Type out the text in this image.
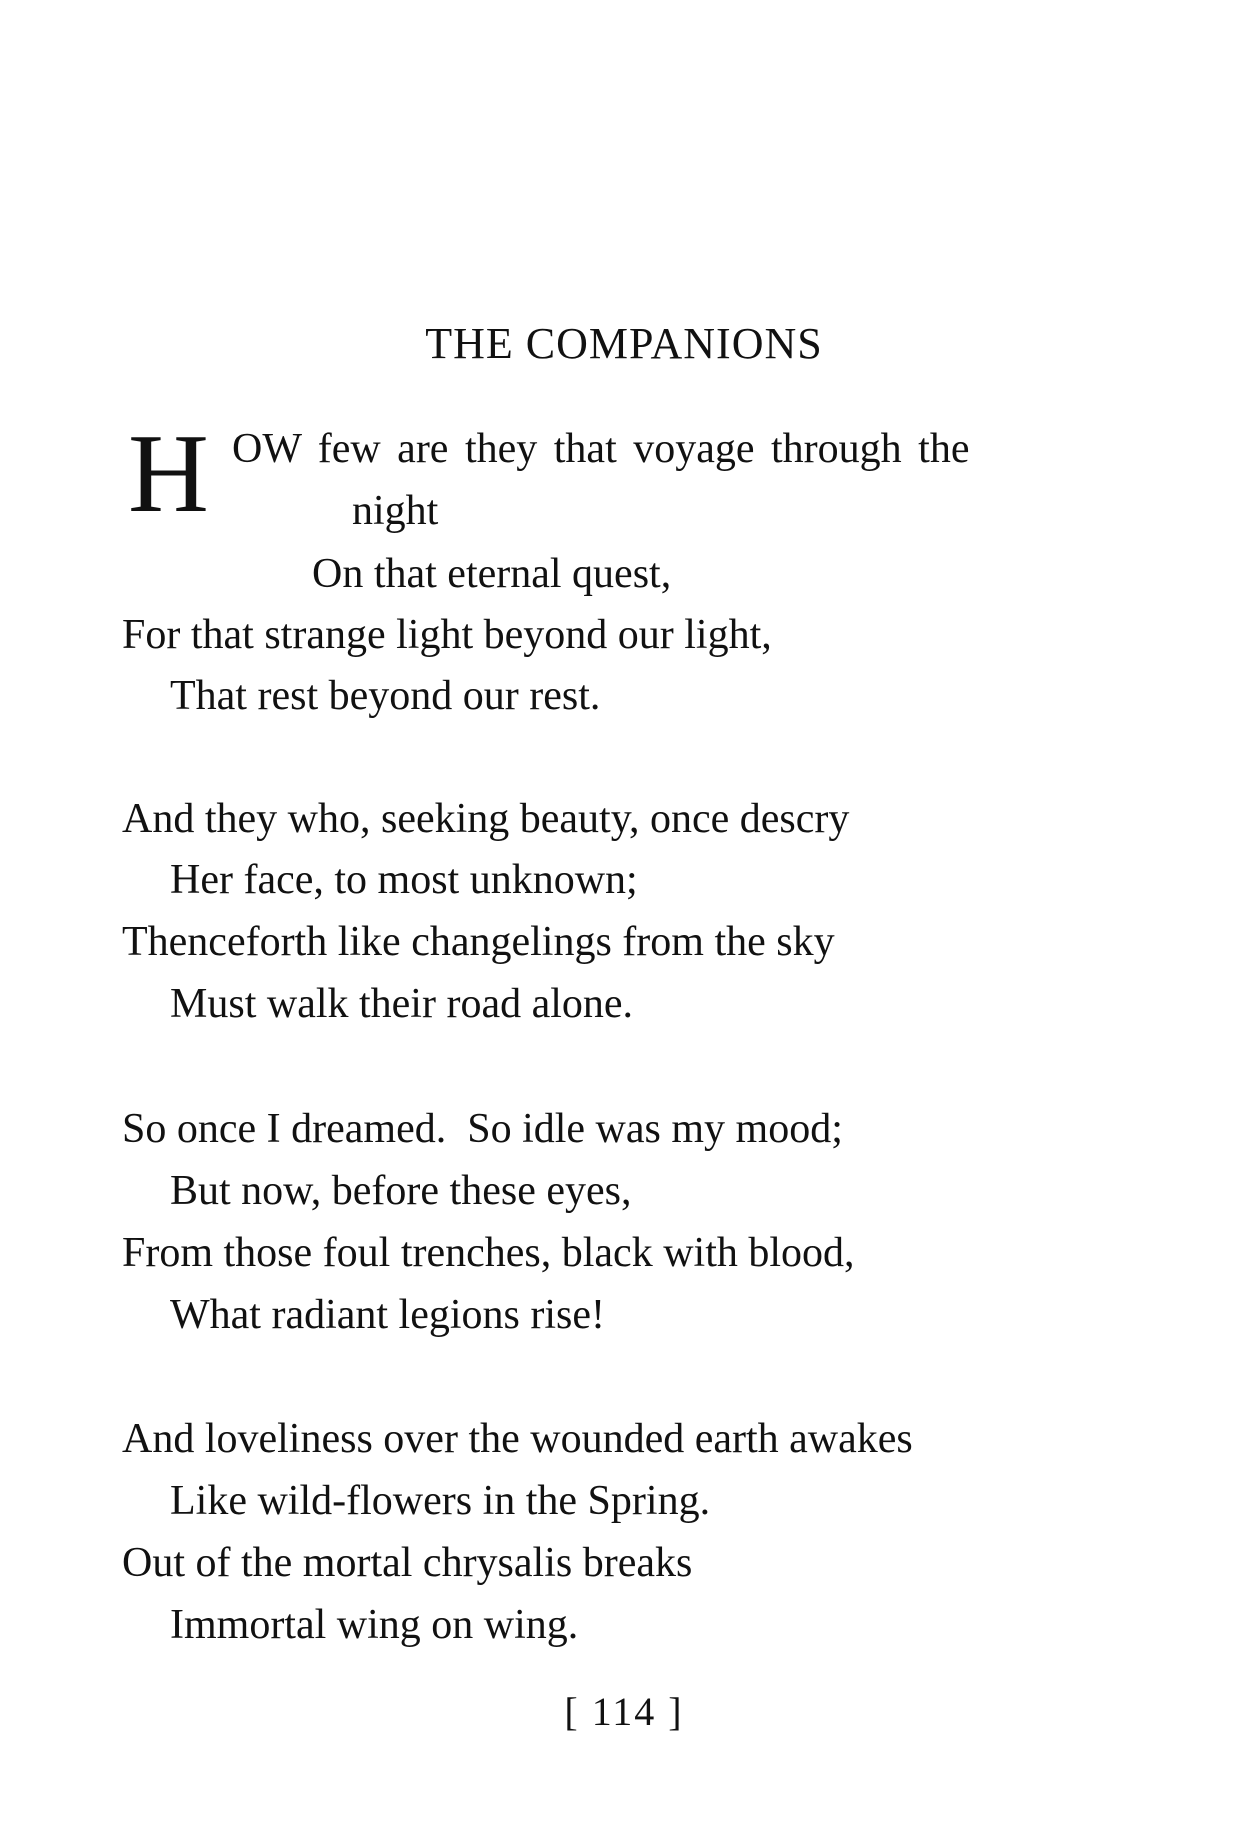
THE COMPANIONS
H OW few are they that voyage through the

night

On that eternal quest,

For that strange light beyond our light,

That rest beyond our rest.

And they who, seeking beauty, once descry

Her face, to most unknown;

Thenceforth like changelings from the sky

Must walk their road alone.

So once I dreamed.  So idle was my mood;

But now, before these eyes,

From those foul trenches, black with blood,

What radiant legions rise!

And loveliness over the wounded earth awakes

Like wild-flowers in the Spring.

Out of the mortal chrysalis breaks

Immortal wing on wing.

[ 114 ]
